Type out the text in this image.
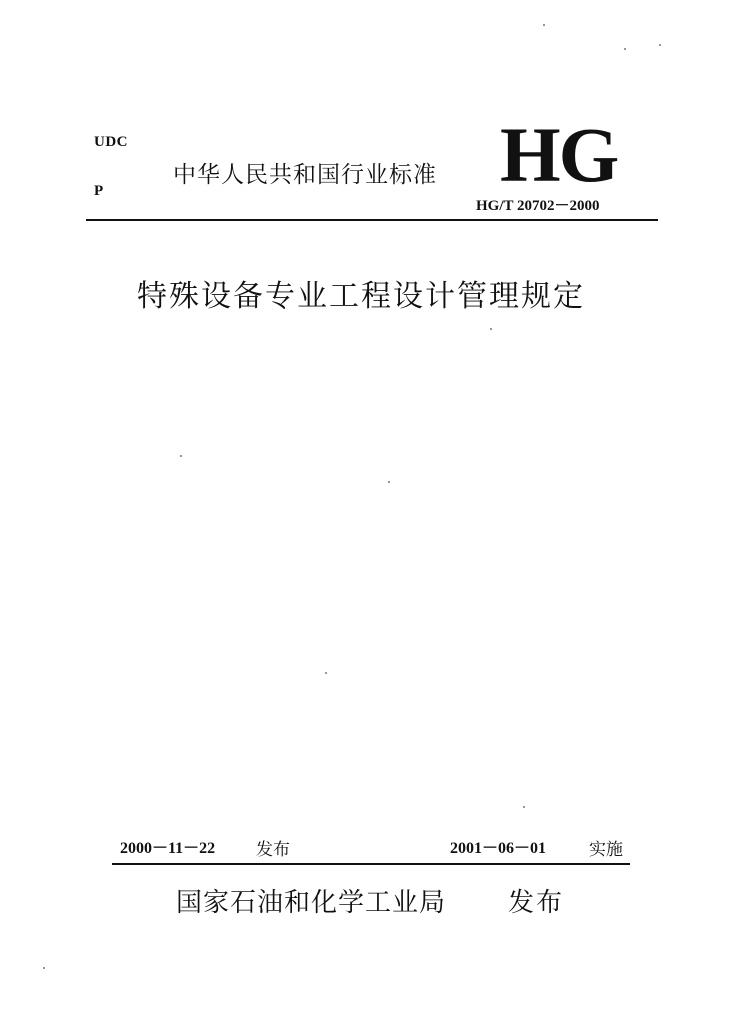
UDC
P
中华人民共和国行业标准 HG
HG/T 20702－2000
特殊设备专业工程设计管理规定
2000－11－22 发布	2001－06－01	实施
国家石油和化学工业局 发布
